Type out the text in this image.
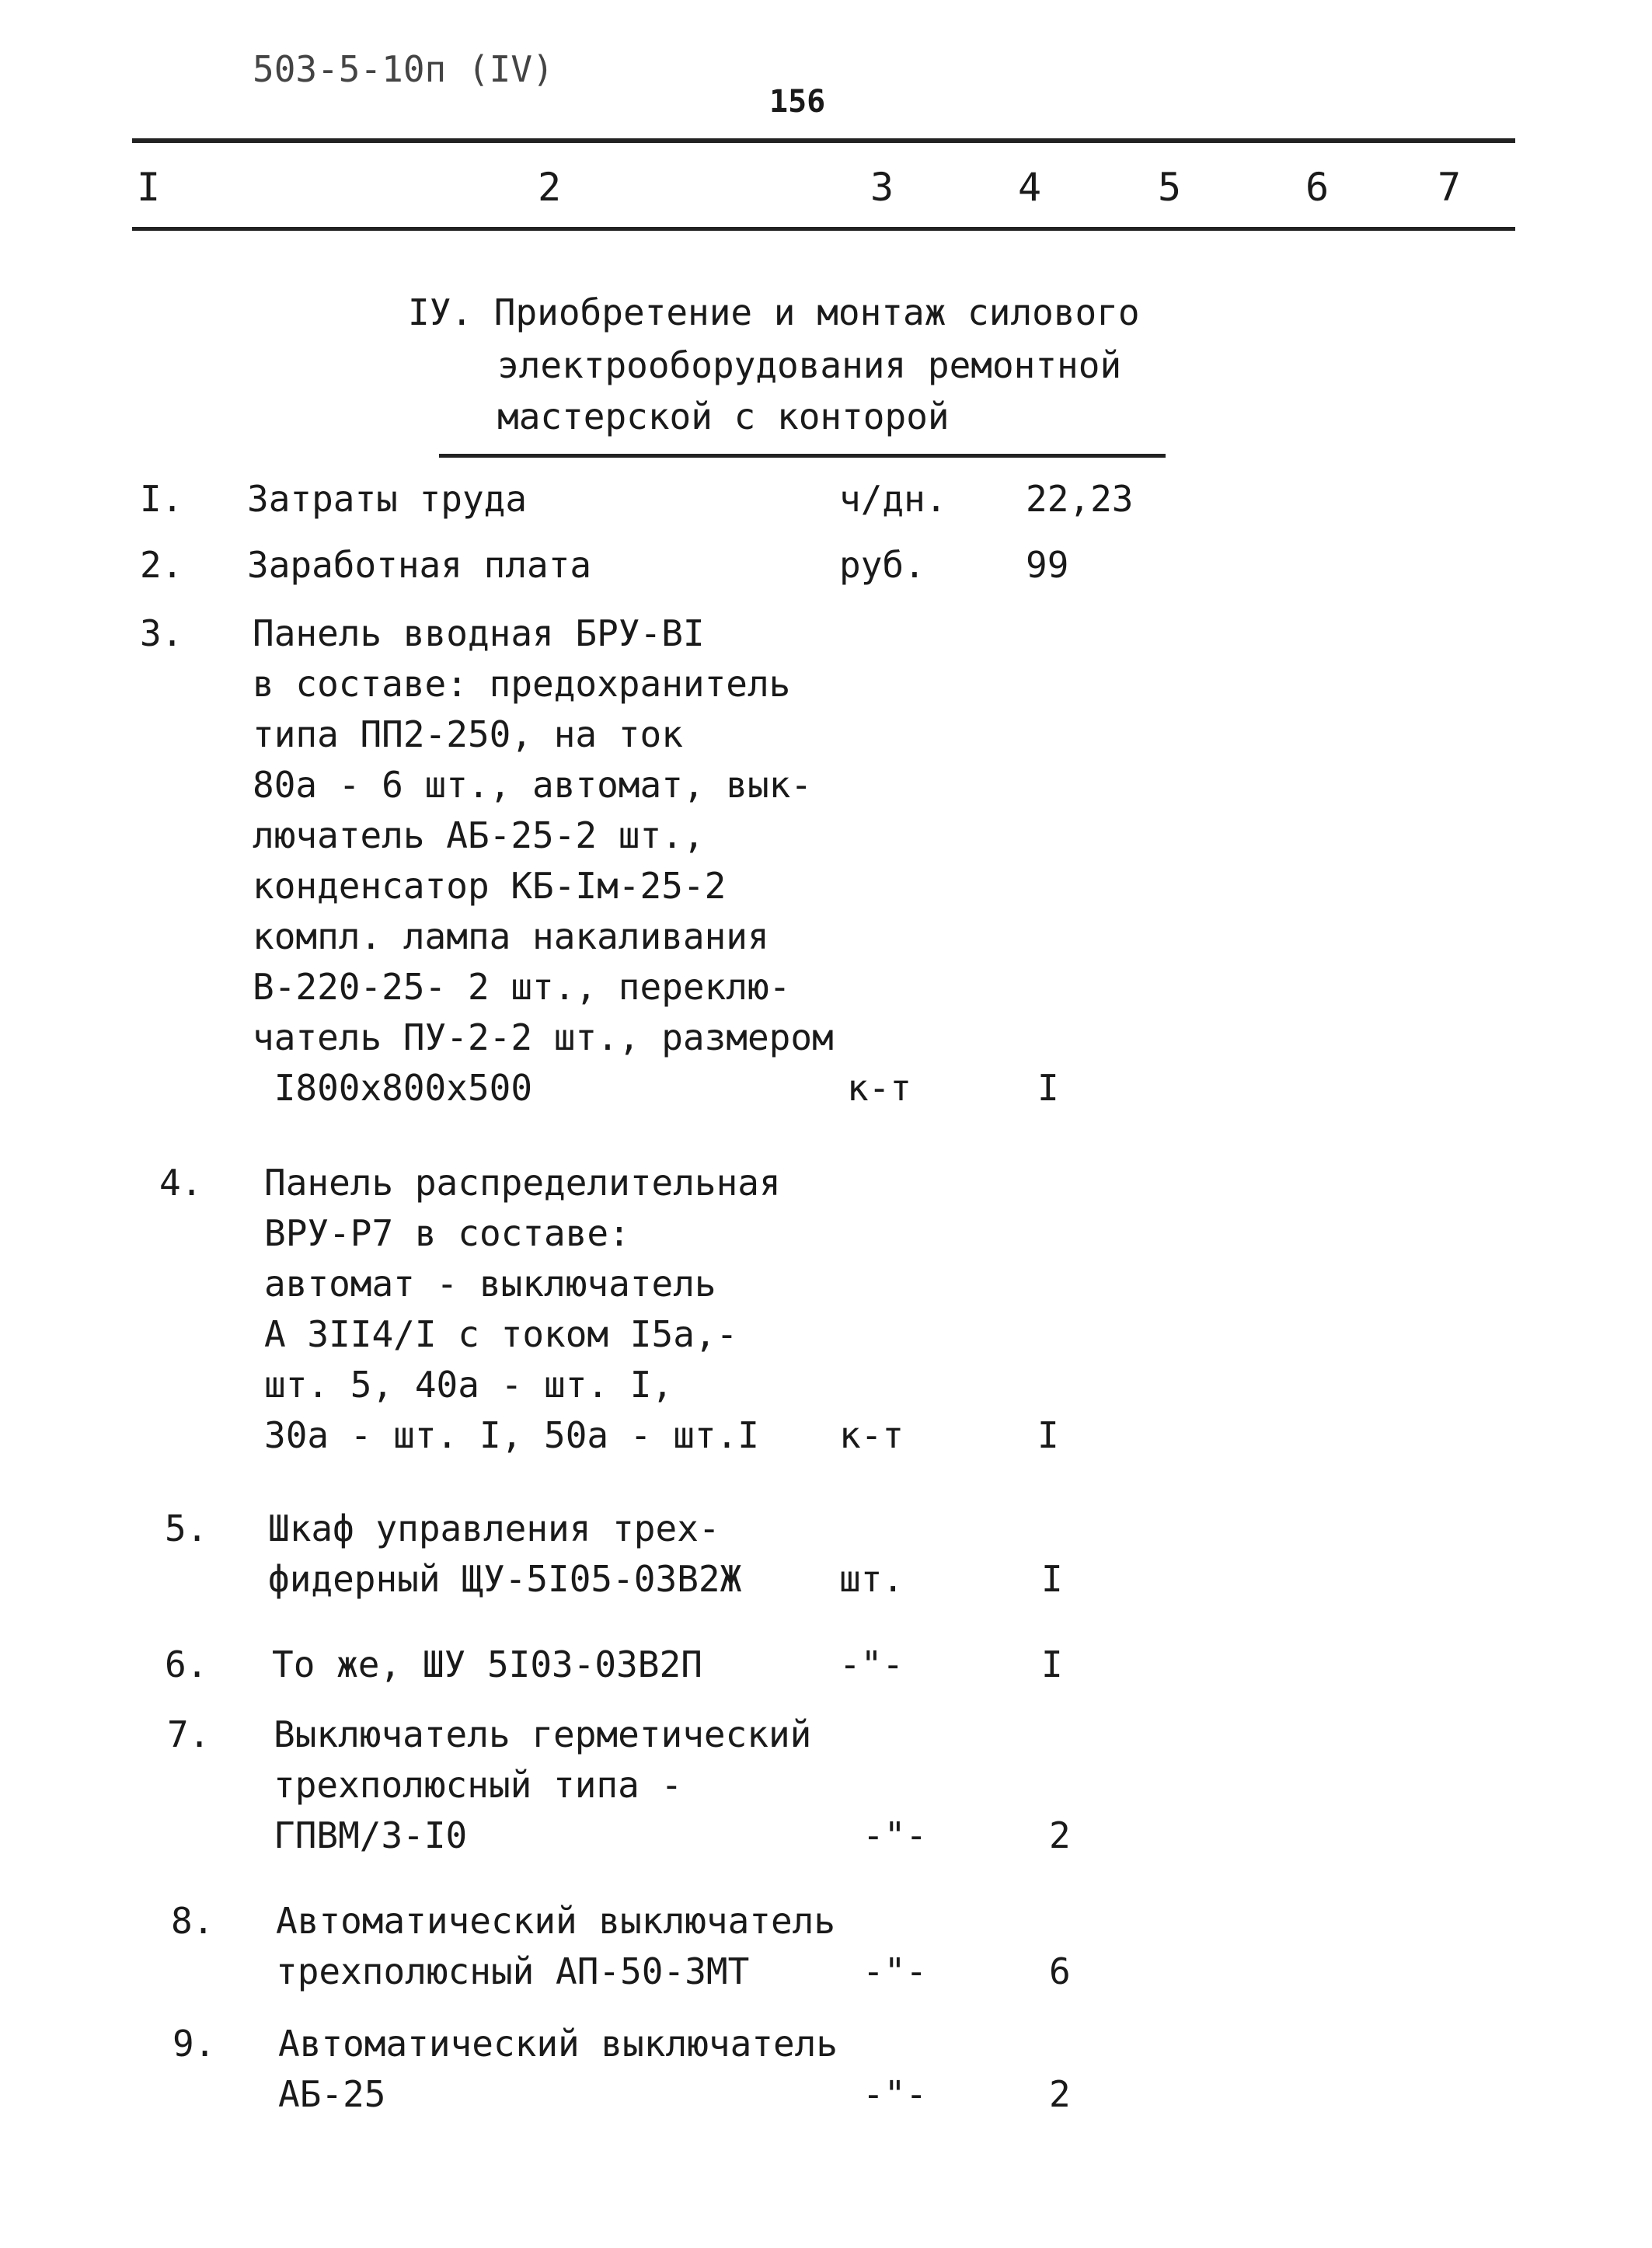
503-5-10п (IV)
156
I	2	3	4	5	6	7
IУ. Приобретение и монтаж силового
электрооборудования ремонтной
мастерской с конторой
I. Затраты труда	ч/дн. 22,23
2. Заработная плата	руб.	99
3. Панель вводная БРУ-ВI
в составе: предохранитель
типа ПП2-250, на ток
80а - 6 шт., автомат, вык-
лючатель АБ-25-2 шт.,
конденсатор КБ-Iм-25-2
компл. лампа накаливания
В-220-25- 2 шт., переклю-
чатель ПУ-2-2 шт., размером
I800х800х500	к-т	I
4. Панель распределительная
ВРУ-Р7 в составе:
автомат - выключатель
А 3II4/I с током I5а,-
шт. 5, 40а - шт. I,
30а - шт. I, 50а - шт.I к-т	I
5. Шкаф управления трех-
фидерный ЩУ-5I05-03В2Ж	шт.	I
6. То же, ШУ 5I03-03В2П	-"-	I
7. Выключатель герметический
трехполюсный типа -
ГПВМ/3-I0	-"-	2
8. Автоматический выключатель
трехполюсный АП-50-3МТ	-"-	6
9. Автоматический выключатель
АБ-25	-"-	2
